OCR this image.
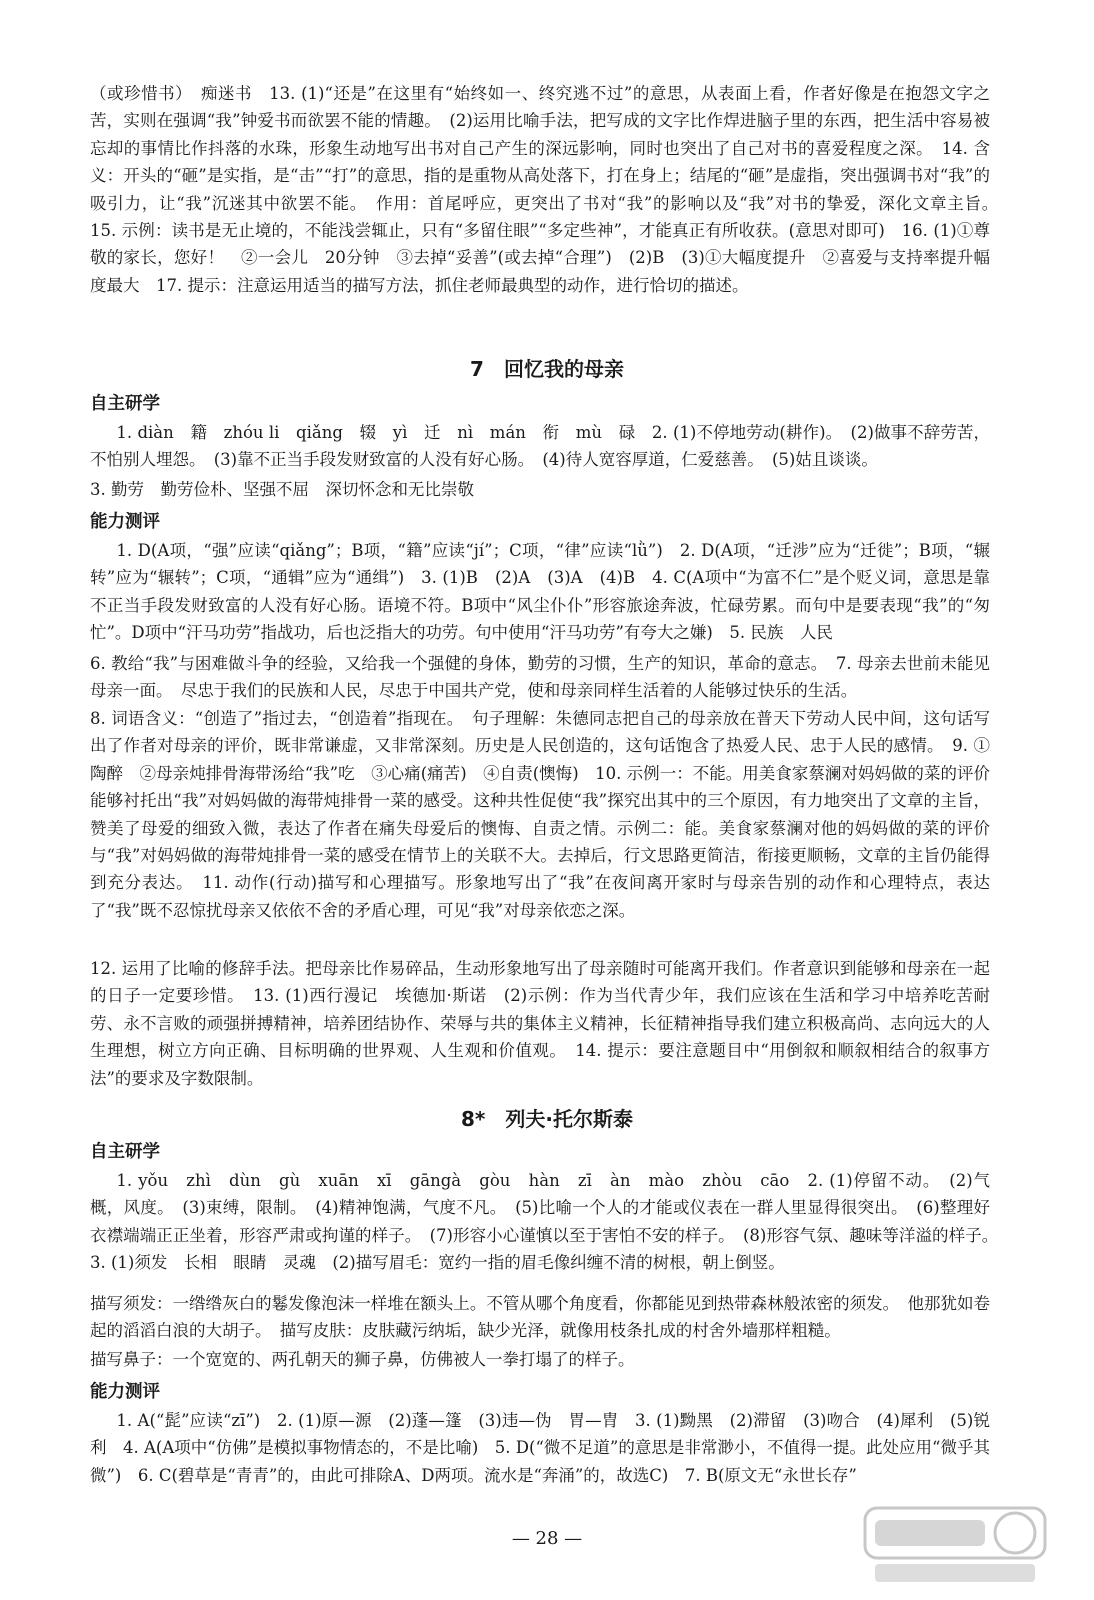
（或珍惜书）　痴迷书　13. (1)“还是”在这里有“始终如一、终究逃不过”的意思，从表面上看，作者好像是在抱怨文字之苦，实则在强调“我”钟爱书而欲罢不能的情趣。　(2)运用比喻手法，把写成的文字比作焊进脑子里的东西，把生活中容易被忘却的事情比作抖落的水珠，形象生动地写出书对自己产生的深远影响，同时也突出了自己对书的喜爱程度之深。　14. 含义：开头的“砸”是实指，是“击”“打”的意思，指的是重物从高处落下，打在身上；结尾的“砸”是虚指，突出强调书对“我”的吸引力，让“我”沉迷其中欲罢不能。　作用：首尾呼应，更突出了书对“我”的影响以及“我”对书的挚爱，深化文章主旨。　15. 示例：读书是无止境的，不能浅尝辄止，只有“多留住眼”“多定些神”，才能真正有所收获。(意思对即可)　16. (1)①尊敬的家长，您好！　②一会儿　20分钟　③去掉“妥善”(或去掉“合理”)　(2)B　(3)①大幅度提升　②喜爱与支持率提升幅度最大　17. 提示：注意运用适当的描写方法，抓住老师最典型的动作，进行恰切的描述。
7　回忆我的母亲
自主研学
1. diàn　籍　zhóu li　qiǎng　辍　yì　迁　nì　mán　衔　mù　碌　2. (1)不停地劳动(耕作)。　(2)做事不辞劳苦，不怕别人埋怨。　(3)靠不正当手段发财致富的人没有好心肠。　(4)待人宽容厚道，仁爱慈善。　(5)姑且谈谈。
3. 勤劳　勤劳俭朴、坚强不屈　深切怀念和无比崇敬
能力测评
1. D(A项，“强”应读“qiǎng”；B项，“籍”应读“jí”；C项，“律”应读“lǜ”)　2. D(A项，“迁涉”应为“迁徙”；B项，“辗转”应为“辗转”；C项，“通辑”应为“通缉”)　3. (1)B　(2)A　(3)A　(4)B　4. C(A项中“为富不仁”是个贬义词，意思是靠不正当手段发财致富的人没有好心肠。语境不符。B项中“风尘仆仆”形容旅途奔波，忙碌劳累。而句中是要表现“我”的“匆忙”。D项中“汗马功劳”指战功，后也泛指大的功劳。句中使用“汗马功劳”有夸大之嫌)　5. 民族　人民
6. 教给“我”与困难做斗争的经验，又给我一个强健的身体，勤劳的习惯，生产的知识，革命的意志。　7. 母亲去世前未能见母亲一面。　尽忠于我们的民族和人民，尽忠于中国共产党，使和母亲同样生活着的人能够过快乐的生活。
8. 词语含义：“创造了”指过去，“创造着”指现在。　句子理解：朱德同志把自己的母亲放在普天下劳动人民中间，这句话写出了作者对母亲的评价，既非常谦虚，又非常深刻。历史是人民创造的，这句话饱含了热爱人民、忠于人民的感情。　9. ①陶醉　②母亲炖排骨海带汤给“我”吃　③心痛(痛苦)　④自责(懊悔)　10. 示例一：不能。用美食家蔡澜对妈妈做的菜的评价能够衬托出“我”对妈妈做的海带炖排骨一菜的感受。这种共性促使“我”探究出其中的三个原因，有力地突出了文章的主旨，赞美了母爱的细致入微，表达了作者在痛失母爱后的懊悔、自责之情。示例二：能。美食家蔡澜对他的妈妈做的菜的评价与“我”对妈妈做的海带炖排骨一菜的感受在情节上的关联不大。去掉后，行文思路更简洁，衔接更顺畅，文章的主旨仍能得到充分表达。　11. 动作(行动)描写和心理描写。形象地写出了“我”在夜间离开家时与母亲告别的动作和心理特点，表达了“我”既不忍惊扰母亲又依依不舍的矛盾心理，可见“我”对母亲依恋之深。
12. 运用了比喻的修辞手法。把母亲比作易碎品，生动形象地写出了母亲随时可能离开我们。作者意识到能够和母亲在一起的日子一定要珍惜。　13. (1)西行漫记　埃德加·斯诺　(2)示例：作为当代青少年，我们应该在生活和学习中培养吃苦耐劳、永不言败的顽强拼搏精神，培养团结协作、荣辱与共的集体主义精神，长征精神指导我们建立积极高尚、志向远大的人生理想，树立方向正确、目标明确的世界观、人生观和价值观。　14. 提示：要注意题目中“用倒叙和顺叙相结合的叙事方法”的要求及字数限制。
8*　列夫·托尔斯泰
自主研学
1. yǒu　zhì　dùn　gù　xuān　xī　gāngà　gòu　hàn　zī　àn　mào　zhòu　cāo　2. (1)停留不动。　(2)气概，风度。　(3)束缚，限制。　(4)精神饱满，气度不凡。　(5)比喻一个人的才能或仪表在一群人里显得很突出。　(6)整理好衣襟端端正正坐着，形容严肃或拘谨的样子。　(7)形容小心谨慎以至于害怕不安的样子。　(8)形容气氛、趣味等洋溢的样子。　3. (1)须发　长相　眼睛　灵魂　(2)描写眉毛：宽约一指的眉毛像纠缠不清的树根，朝上倒竖。
描写须发：一绺绺灰白的鬈发像泡沫一样堆在额头上。不管从哪个角度看，你都能见到热带森林般浓密的须发。　他那犹如卷起的滔滔白浪的大胡子。　描写皮肤：皮肤藏污纳垢，缺少光泽，就像用枝条扎成的村舍外墙那样粗糙。
描写鼻子：一个宽宽的、两孔朝天的狮子鼻，仿佛被人一拳打塌了的样子。
能力测评
1. A(“髭”应读“zī”)　2. (1)原—源　(2)蓬—篷　(3)违—伪　胃—胄　3. (1)黝黑　(2)滞留　(3)吻合　(4)犀利　(5)锐利　4. A(A项中“仿佛”是模拟事物情态的，不是比喻)　5. D(“微不足道”的意思是非常渺小，不值得一提。此处应用“微乎其微”)　6. C(碧草是“青青”的，由此可排除A、D两项。流水是“奔涌”的，故选C)　7. B(原文无“永世长存”
— 28 —
